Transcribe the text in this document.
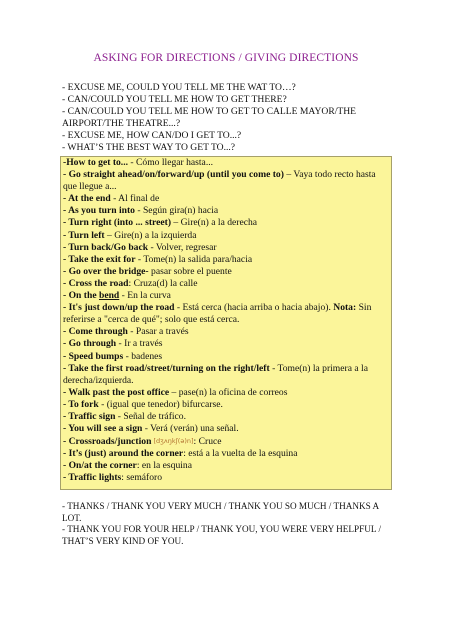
ASKING FOR DIRECTIONS / GIVING DIRECTIONS
- EXCUSE ME, COULD YOU TELL ME THE WAT TO…?
- CAN/COULD YOU TELL ME HOW TO GET THERE?
- CAN/COULD YOU TELL ME HOW TO GET TO CALLE MAYOR/THE AIRPORT/THE THEATRE...?
- EXCUSE ME, HOW CAN/DO I GET TO...?
- WHAT’S THE BEST WAY TO GET TO...?
-How to get to... - Cómo llegar hasta...
- Go straight ahead/on/forward/up (until you come to) – Vaya todo recto hasta que llegue a...
- At the end - Al final de
- As you turn into - Según gira(n) hacia
- Turn right (into ... street) – Gire(n) a la derecha
- Turn left – Gire(n) a la izquierda
- Turn back/Go back - Volver, regresar
- Take the exit for - Tome(n) la salida para/hacia
- Go over the bridge- pasar sobre el puente
- Cross the road: Cruza(d) la calle
- On the bend - En la curva
- It's just down/up the road - Está cerca (hacia arriba o hacia abajo). Nota: Sin referirse a "cerca de qué"; solo que está cerca.
- Come through - Pasar a través
- Go through - Ir a través
- Speed bumps - badenes
- Take the first road/street/turning on the right/left - Tome(n) la primera a la derecha/izquierda.
- Walk past the post office – pase(n) la oficina de correos
- To fork - (igual que tenedor) bifurcarse.
- Traffic sign - Señal de tráfico.
- You will see a sign - Verá (verán) una señal.
- Crossroads/junction [dʒʌŋkʃ(ə)n]: Cruce
- It’s (just) around the corner: está a la vuelta de la esquina
- On/at the corner: en la esquina
- Traffic lights: semáforo
- THANKS / THANK YOU VERY MUCH / THANK YOU SO MUCH / THANKS A LOT.
- THANK YOU FOR YOUR HELP / THANK YOU, YOU WERE VERY HELPFUL / THAT’S VERY KIND OF YOU.
